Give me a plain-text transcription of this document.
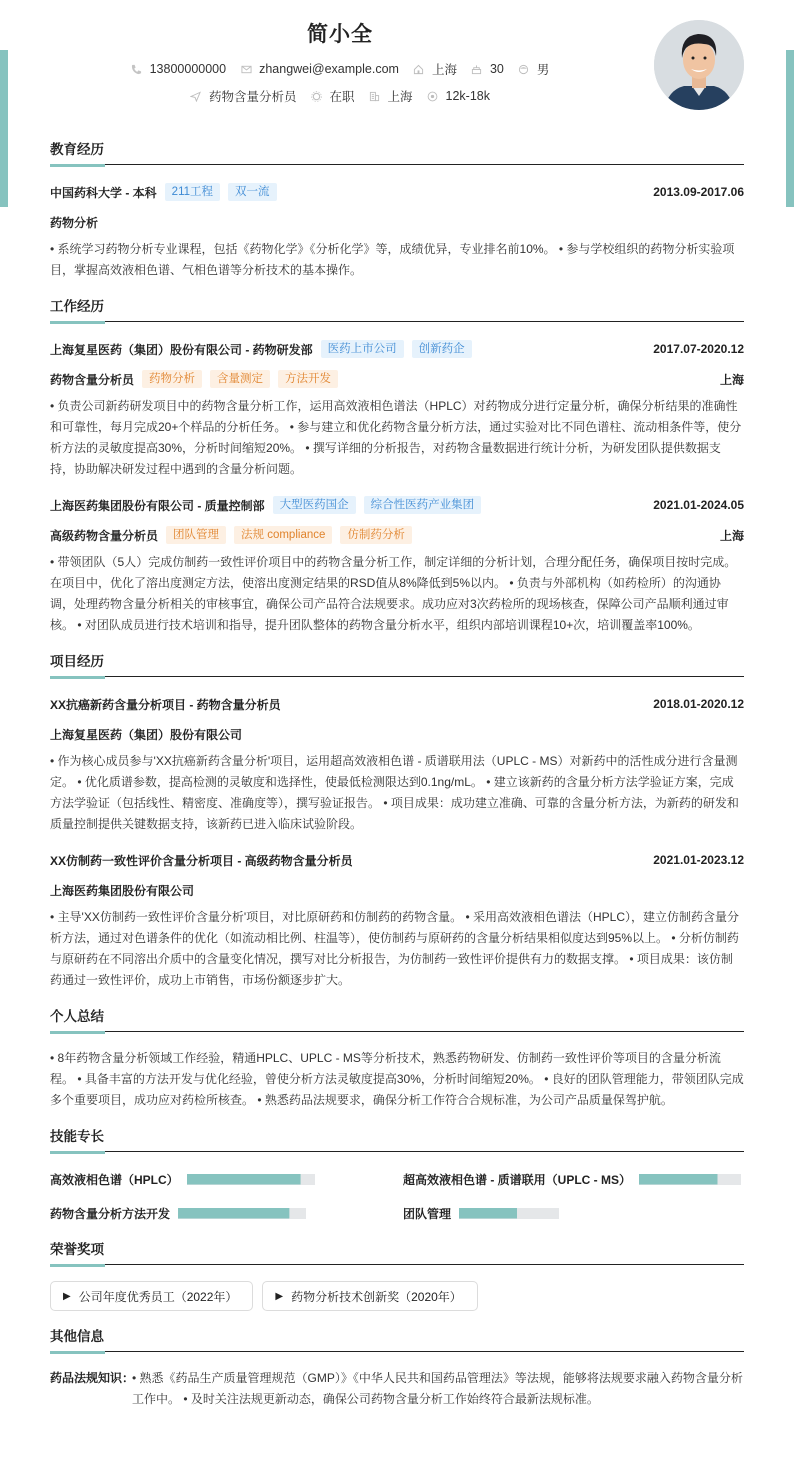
简小全
13800000000	zhangwei@example.com	上海	30	男
药物含量分析员	在职	上海	12k-18k
教育经历
中国药科大学 - 本科	211工程	双一流	2013.09-2017.06
药物分析
• 系统学习药物分析专业课程，包括《药物化学》《分析化学》等，成绩优异，专业排名前10%。 • 参与学校组织的药物分析实验项目，掌握高效液相色谱、气相色谱等分析技术的基本操作。
工作经历
上海复星医药（集团）股份有限公司 - 药物研发部	医药上市公司	创新药企	2017.07-2020.12
药物含量分析员	药物分析	含量测定	方法开发	上海
• 负责公司新药研发项目中的药物含量分析工作，运用高效液相色谱法（HPLC）对药物成分进行定量分析，确保分析结果的准确性和可靠性，每月完成20+个样品的分析任务。 • 参与建立和优化药物含量分析方法，通过实验对比不同色谱柱、流动相条件等，使分析方法的灵敏度提高30%，分析时间缩短20%。 • 撰写详细的分析报告，对药物含量数据进行统计分析，为研发团队提供数据支持，协助解决研发过程中遇到的含量分析问题。
上海医药集团股份有限公司 - 质量控制部	大型医药国企	综合性医药产业集团	2021.01-2024.05
高级药物含量分析员	团队管理	法规 compliance	仿制药分析	上海
• 带领团队（5人）完成仿制药一致性评价项目中的药物含量分析工作，制定详细的分析计划，合理分配任务，确保项目按时完成。在项目中，优化了溶出度测定方法，使溶出度测定结果的RSD值从8%降低到5%以内。 • 负责与外部机构（如药检所）的沟通协调，处理药物含量分析相关的审核事宜，确保公司产品符合法规要求。成功应对3次药检所的现场核查，保障公司产品顺利通过审核。 • 对团队成员进行技术培训和指导，提升团队整体的药物含量分析水平，组织内部培训课程10+次，培训覆盖率100%。
项目经历
XX抗癌新药含量分析项目 - 药物含量分析员	2018.01-2020.12
上海复星医药（集团）股份有限公司
• 作为核心成员参与'XX抗癌新药含量分析'项目，运用超高效液相色谱 - 质谱联用法（UPLC - MS）对新药中的活性成分进行含量测定。 • 优化质谱参数，提高检测的灵敏度和选择性，使最低检测限达到0.1ng/mL。 • 建立该新药的含量分析方法学验证方案，完成方法学验证（包括线性、精密度、准确度等），撰写验证报告。 • 项目成果：成功建立准确、可靠的含量分析方法，为新药的研发和质量控制提供关键数据支持，该新药已进入临床试验阶段。
XX仿制药一致性评价含量分析项目 - 高级药物含量分析员	2021.01-2023.12
上海医药集团股份有限公司
• 主导'XX仿制药一致性评价含量分析'项目，对比原研药和仿制药的药物含量。 • 采用高效液相色谱法（HPLC），建立仿制药含量分析方法，通过对色谱条件的优化（如流动相比例、柱温等），使仿制药与原研药的含量分析结果相似度达到95%以上。 • 分析仿制药与原研药在不同溶出介质中的含量变化情况，撰写对比分析报告，为仿制药一致性评价提供有力的数据支撑。 • 项目成果：该仿制药通过一致性评价，成功上市销售，市场份额逐步扩大。
个人总结
• 8年药物含量分析领域工作经验，精通HPLC、UPLC - MS等分析技术，熟悉药物研发、仿制药一致性评价等项目的含量分析流程。 • 具备丰富的方法开发与优化经验，曾使分析方法灵敏度提高30%，分析时间缩短20%。 • 良好的团队管理能力，带领团队完成多个重要项目，成功应对药检所核查。 • 熟悉药品法规要求，确保分析工作符合合规标准，为公司产品质量保驾护航。
技能专长
高效液相色谱（HPLC）	超高效液相色谱 - 质谱联用（UPLC - MS）
药物含量分析方法开发	团队管理
荣誉奖项
▶ 公司年度优秀员工（2022年）	▶ 药物分析技术创新奖（2020年）
其他信息
药品法规知识：
• 熟悉《药品生产质量管理规范（GMP）》《中华人民共和国药品管理法》等法规，能够将法规要求融入药物含量分析工作中。 • 及时关注法规更新动态，确保公司药物含量分析工作始终符合最新法规标准。
